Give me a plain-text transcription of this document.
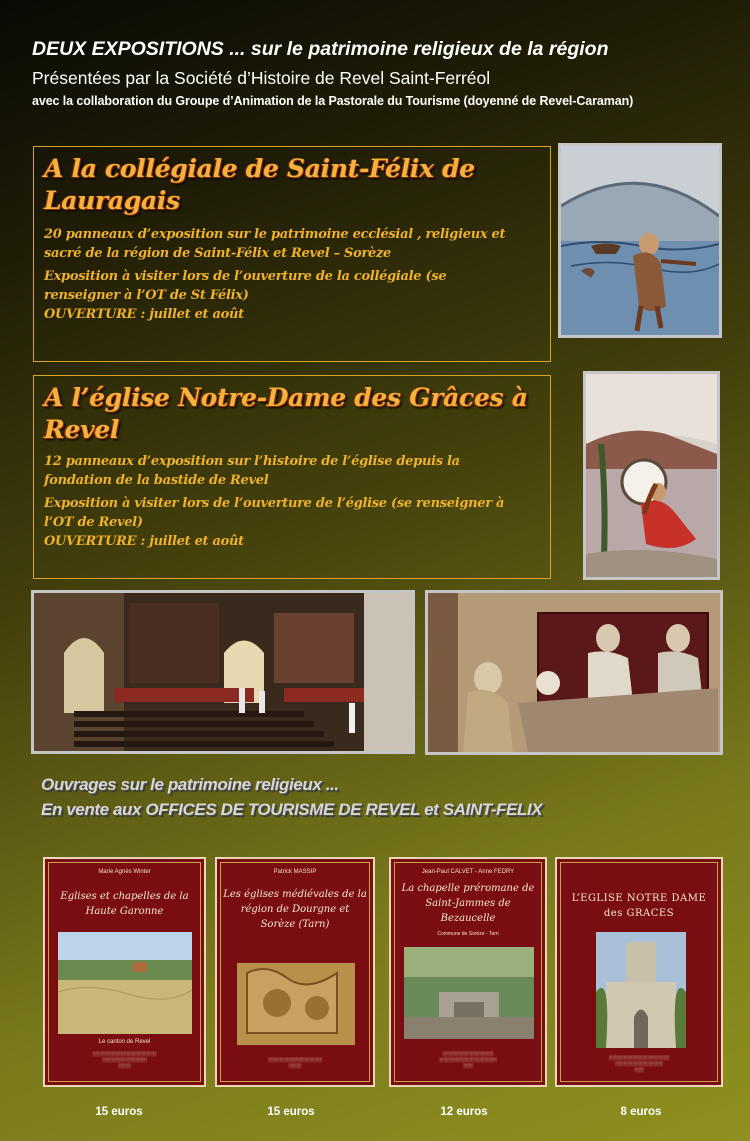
DEUX EXPOSITIONS ... sur le patrimoine religieux de la région
Présentées par la Société d’Histoire de Revel Saint-Ferréol
avec la collaboration du Groupe d’Animation de la Pastorale du Tourisme (doyenné de Revel-Caraman)
A la collégiale de Saint-Félix de
Lauragais
20 panneaux d’exposition sur le patrimoine ecclésial , religieux et
sacré de la région de Saint-Félix et Revel – Sorèze
Exposition à visiter lors de l’ouverture de la collégiale (se
renseigner à l’OT de St Félix)
OUVERTURE : juillet et août
A l’église Notre-Dame des Grâces à
Revel
12 panneaux d’exposition sur l’histoire de l’église depuis la
fondation de la bastide de Revel
Exposition à visiter lors de l’ouverture de l’église (se renseigner à
l’OT de Revel)
OUVERTURE : juillet et août
Ouvrages sur le patrimoine religieux ...
En vente aux OFFICES DE TOURISME DE REVEL et SAINT-FELIX
Marie Agnès Winter
Eglises et chapelles de la Haute Garonne
Le canton de Revel
░░░░░░░░░░░░░░░░░░░░
░░░░░░░░░░░░░░
░░░░
Patrick MASSIP
Les églises médiévales de la région de Dourgne et Sorèze (Tarn)
░░░░░░░░░░░░░░░░░
░░░░
Jean-Paul CALVET - Anne FEDRY
La chapelle préromane de Saint-Jammes de Bezaucelle
Commune de Sorèze - Tarn
░░░░░░░░░░░░░░░░
░░░░░░░░░░░░░░░░░░
░░░
L’EGLISE NOTRE DAME des GRACES
░░░░░░░░░░░░░░░░░░░
░░░░░░░░░░░░░░░
░░░
15 euros	15 euros	12 euros	8 euros
